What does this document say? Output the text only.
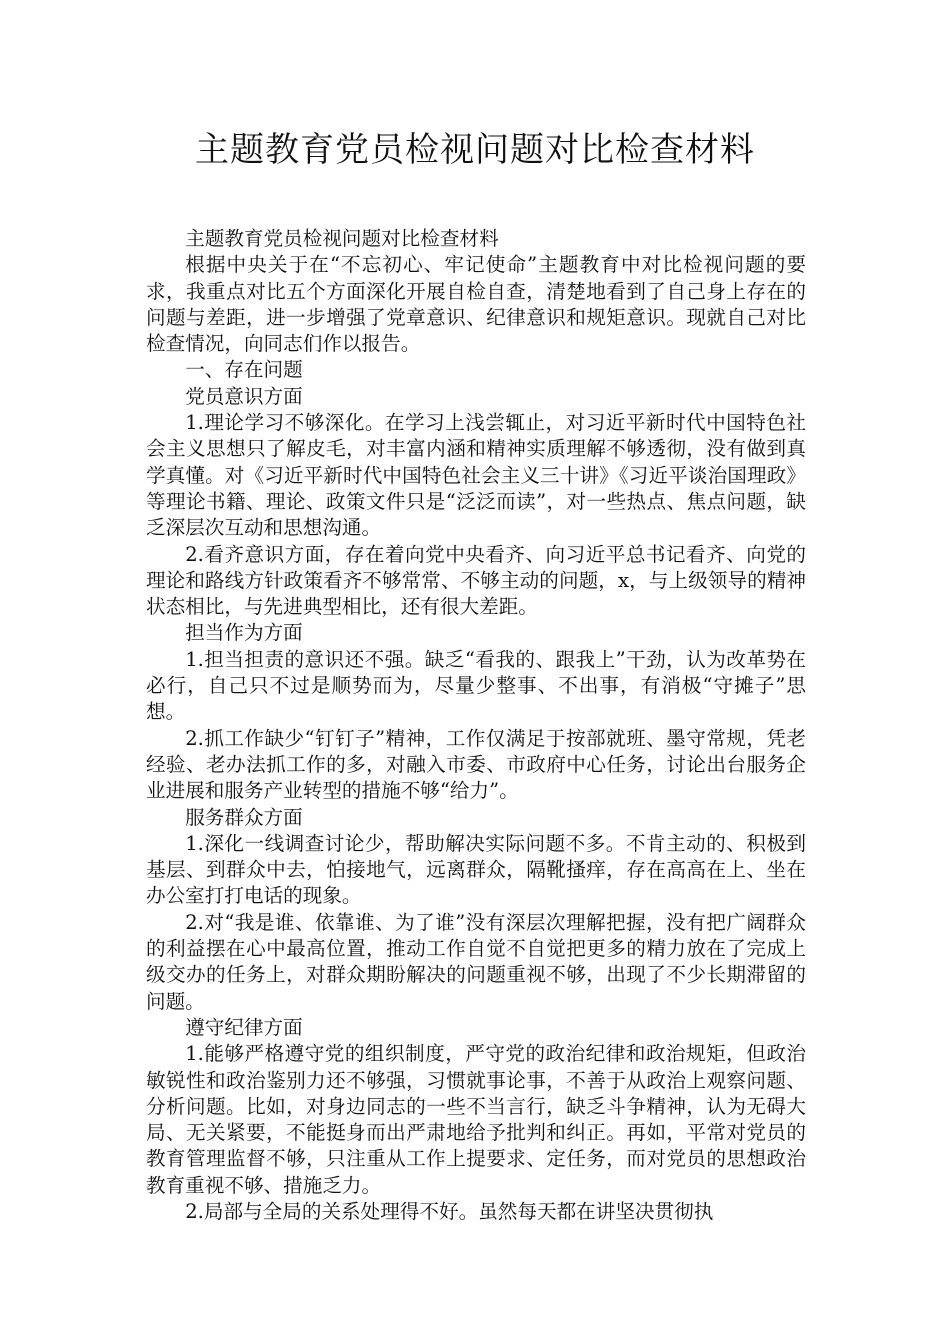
主题教育党员检视问题对比检查材料

主题教育党员检视问题对比检查材料

根据中央关于在“不忘初心、牢记使命”主题教育中对比检视问题的要求，我重点对比五个方面深化开展自检自查，清楚地看到了自己身上存在的问题与差距，进一步增强了党章意识、纪律意识和规矩意识。现就自己对比检查情况，向同志们作以报告。

一、存在问题

党员意识方面

1.理论学习不够深化。在学习上浅尝辄止，对习近平新时代中国特色社会主义思想只了解皮毛，对丰富内涵和精神实质理解不够透彻，没有做到真学真懂。对《习近平新时代中国特色社会主义三十讲》《习近平谈治国理政》等理论书籍、理论、政策文件只是“泛泛而读”，对一些热点、焦点问题，缺乏深层次互动和思想沟通。

2.看齐意识方面，存在着向党中央看齐、向习近平总书记看齐、向党的理论和路线方针政策看齐不够常常、不够主动的问题，x，与上级领导的精神状态相比，与先进典型相比，还有很大差距。

担当作为方面

1.担当担责的意识还不强。缺乏“看我的、跟我上”干劲，认为改革势在必行，自己只不过是顺势而为，尽量少整事、不出事，有消极“守摊子”思想。

2.抓工作缺少“钉钉子”精神，工作仅满足于按部就班、墨守常规，凭老经验、老办法抓工作的多，对融入市委、市政府中心任务，讨论出台服务企业进展和服务产业转型的措施不够“给力”。

服务群众方面

1.深化一线调查讨论少，帮助解决实际问题不多。不肯主动的、积极到基层、到群众中去，怕接地气，远离群众，隔靴搔痒，存在高高在上、坐在办公室打打电话的现象。

2.对“我是谁、依靠谁、为了谁”没有深层次理解把握，没有把广阔群众的利益摆在心中最高位置，推动工作自觉不自觉把更多的精力放在了完成上级交办的任务上，对群众期盼解决的问题重视不够，出现了不少长期滞留的问题。

遵守纪律方面

1.能够严格遵守党的组织制度，严守党的政治纪律和政治规矩，但政治敏锐性和政治鉴别力还不够强，习惯就事论事，不善于从政治上观察问题、分析问题。比如，对身边同志的一些不当言行，缺乏斗争精神，认为无碍大局、无关紧要，不能挺身而出严肃地给予批判和纠正。再如，平常对党员的教育管理监督不够，只注重从工作上提要求、定任务，而对党员的思想政治教育重视不够、措施乏力。

2.局部与全局的关系处理得不好。虽然每天都在讲坚决贯彻执
